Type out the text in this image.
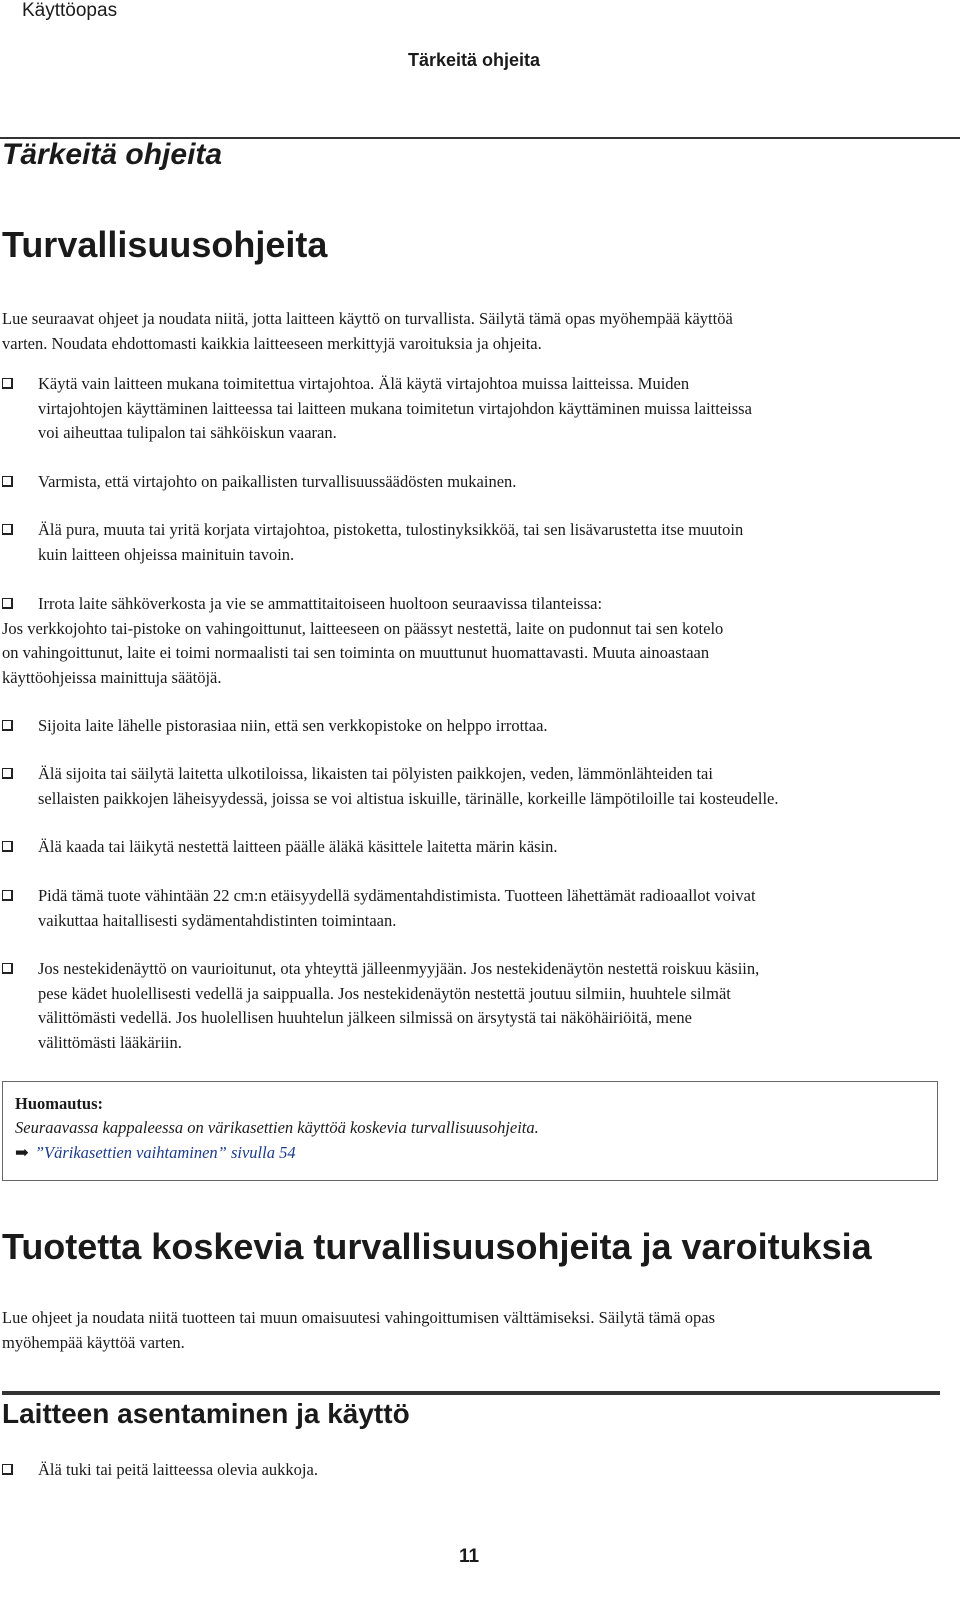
Käyttöopas
Tärkeitä ohjeita
Tärkeitä ohjeita
Turvallisuusohjeita
Lue seuraavat ohjeet ja noudata niitä, jotta laitteen käyttö on turvallista. Säilytä tämä opas myöhempää käyttöä
varten. Noudata ehdottomasti kaikkia laitteeseen merkittyjä varoituksia ja ohjeita.
Käytä vain laitteen mukana toimitettua virtajohtoa. Älä käytä virtajohtoa muissa laitteissa. Muiden
virtajohtojen käyttäminen laitteessa tai laitteen mukana toimitetun virtajohdon käyttäminen muissa laitteissa
voi aiheuttaa tulipalon tai sähköiskun vaaran.
Varmista, että virtajohto on paikallisten turvallisuussäädösten mukainen.
Älä pura, muuta tai yritä korjata virtajohtoa, pistoketta, tulostinyksikköä, tai sen lisävarustetta itse muutoin
kuin laitteen ohjeissa mainituin tavoin.
Irrota laite sähköverkosta ja vie se ammattitaitoiseen huoltoon seuraavissa tilanteissa:
Jos verkkojohto tai-pistoke on vahingoittunut, laitteeseen on päässyt nestettä, laite on pudonnut tai sen kotelo
on vahingoittunut, laite ei toimi normaalisti tai sen toiminta on muuttunut huomattavasti. Muuta ainoastaan
käyttöohjeissa mainittuja säätöjä.
Sijoita laite lähelle pistorasiaa niin, että sen verkkopistoke on helppo irrottaa.
Älä sijoita tai säilytä laitetta ulkotiloissa, likaisten tai pölyisten paikkojen, veden, lämmönlähteiden tai
sellaisten paikkojen läheisyydessä, joissa se voi altistua iskuille, tärinälle, korkeille lämpötiloille tai kosteudelle.
Älä kaada tai läikytä nestettä laitteen päälle äläkä käsittele laitetta märin käsin.
Pidä tämä tuote vähintään 22 cm:n etäisyydellä sydämentahdistimista. Tuotteen lähettämät radioaallot voivat
vaikuttaa haitallisesti sydämentahdistinten toimintaan.
Jos nestekidenäyttö on vaurioitunut, ota yhteyttä jälleenmyyjään. Jos nestekidenäytön nestettä roiskuu käsiin,
pese kädet huolellisesti vedellä ja saippualla. Jos nestekidenäytön nestettä joutuu silmiin, huuhtele silmät
välittömästi vedellä. Jos huolellisen huuhtelun jälkeen silmissä on ärsytystä tai näköhäiriöitä, mene
välittömästi lääkäriin.
Huomautus:
Seuraavassa kappaleessa on värikasettien käyttöä koskevia turvallisuusohjeita.
➡ ”Värikasettien vaihtaminen” sivulla 54
Tuotetta koskevia turvallisuusohjeita ja varoituksia
Lue ohjeet ja noudata niitä tuotteen tai muun omaisuutesi vahingoittumisen välttämiseksi. Säilytä tämä opas
myöhempää käyttöä varten.
Laitteen asentaminen ja käyttö
Älä tuki tai peitä laitteessa olevia aukkoja.
11
